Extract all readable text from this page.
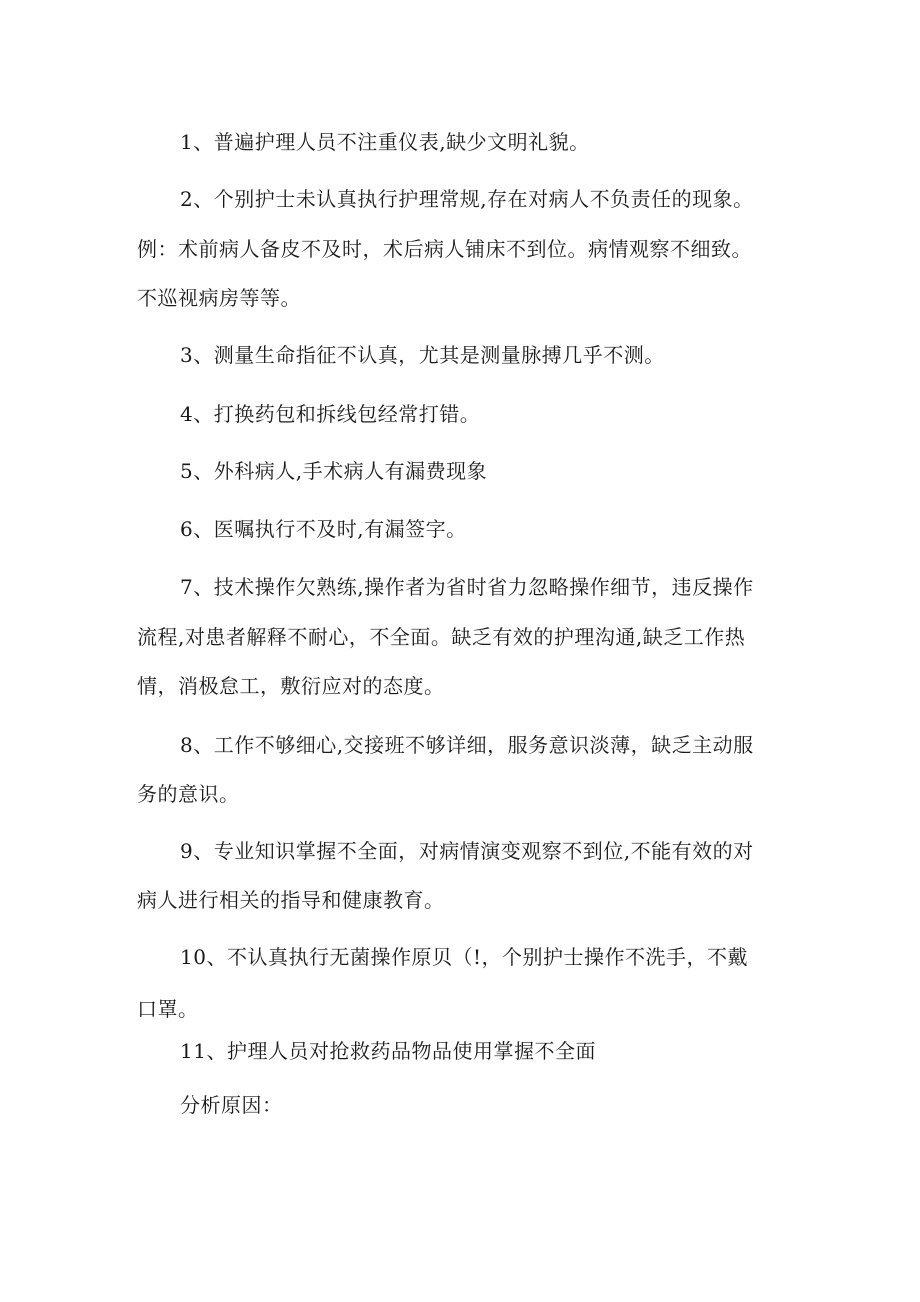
1、普遍护理人员不注重仪表,缺少文明礼貌。
2、个别护士未认真执行护理常规,存在对病人不负责任的现象。
例：术前病人备皮不及时，术后病人铺床不到位。病情观察不细致。
不巡视病房等等。
3、测量生命指征不认真，尤其是测量脉搏几乎不测。
4、打换药包和拆线包经常打错。
5、外科病人,手术病人有漏费现象
6、医嘱执行不及时,有漏签字。
7、技术操作欠熟练,操作者为省时省力忽略操作细节，违反操作
流程,对患者解释不耐心，不全面。缺乏有效的护理沟通,缺乏工作热
情，消极怠工，敷衍应对的态度。
8、工作不够细心,交接班不够详细，服务意识淡薄，缺乏主动服
务的意识。
9、专业知识掌握不全面，对病情演变观察不到位,不能有效的对
病人进行相关的指导和健康教育。
10、不认真执行无菌操作原贝（!，个别护士操作不洗手，不戴
口罩。
11、护理人员对抢救药品物品使用掌握不全面
分析原因：
